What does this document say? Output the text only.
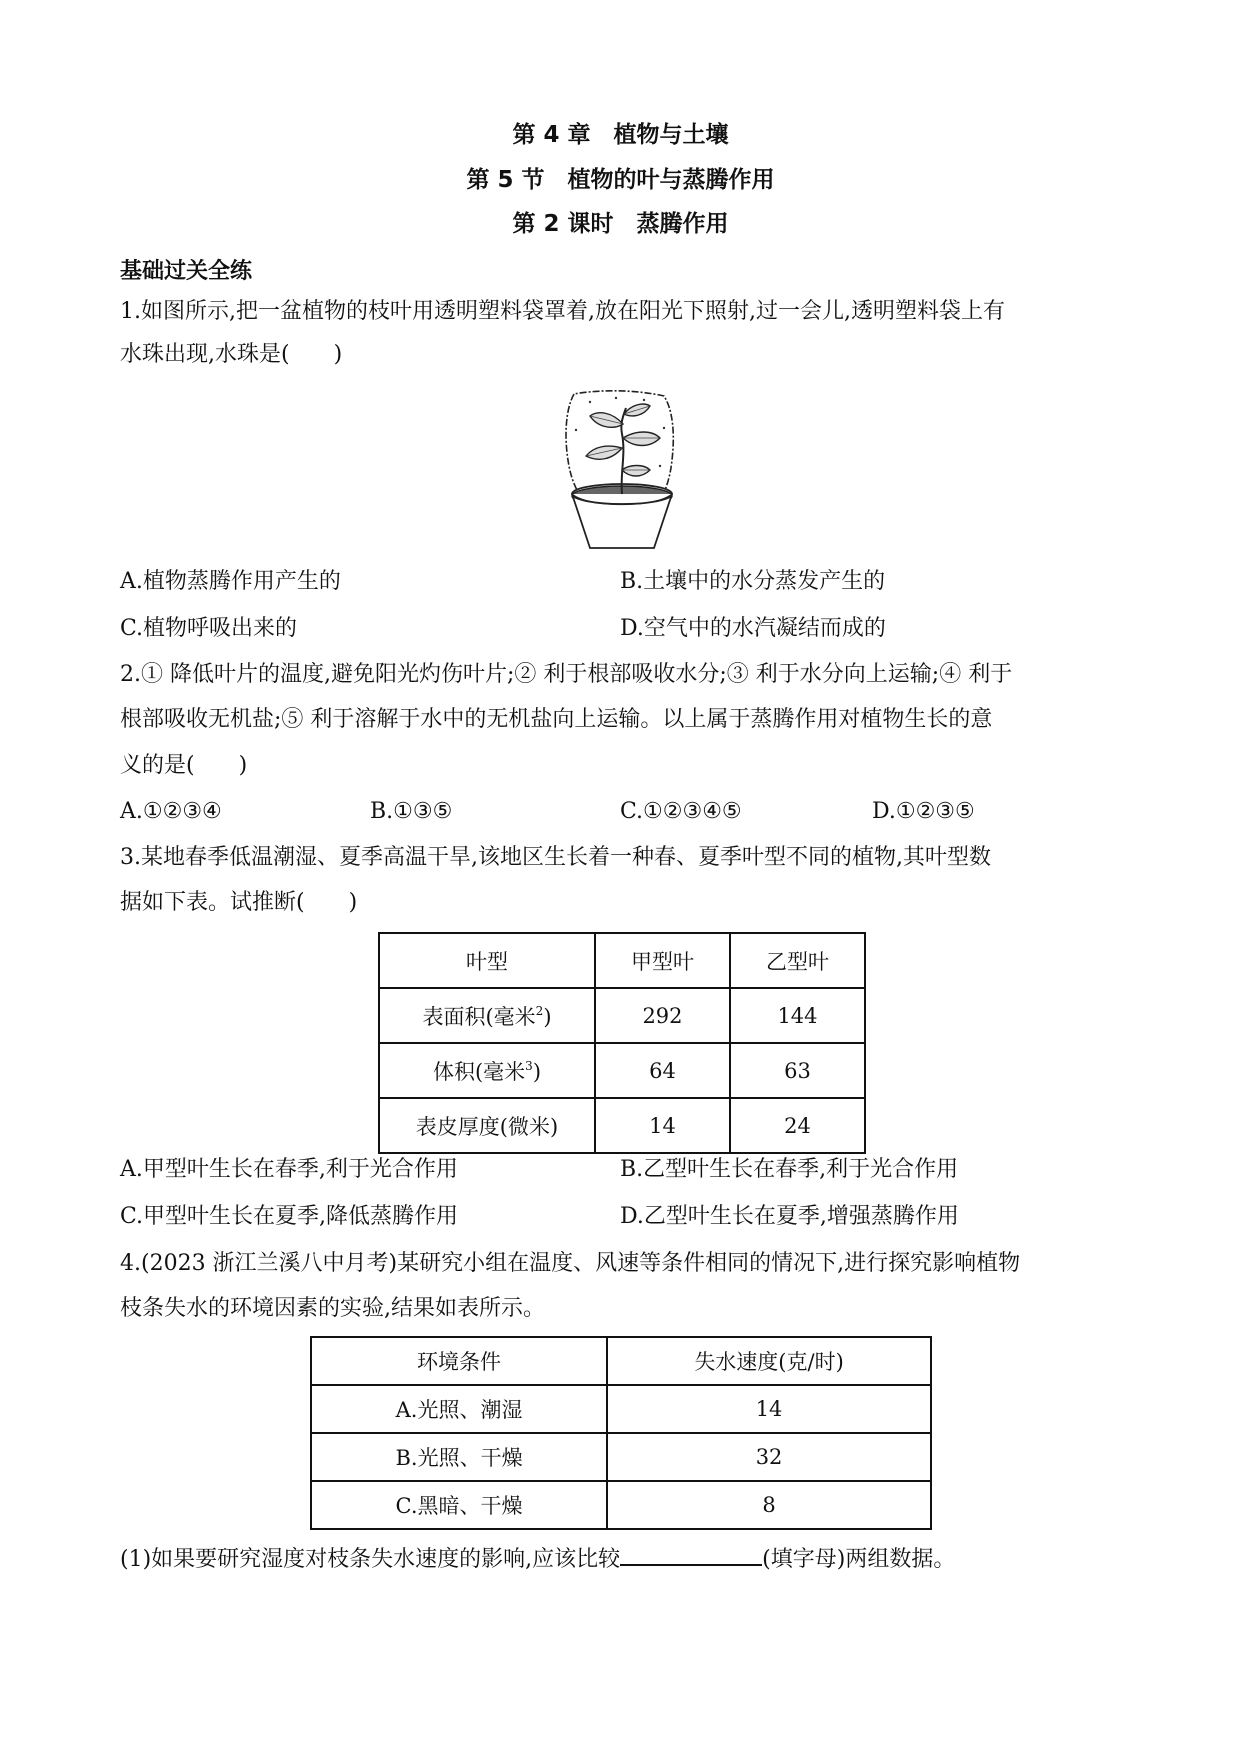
第 4 章　植物与土壤
第 5 节　植物的叶与蒸腾作用
第 2 课时　蒸腾作用
基础过关全练
1.如图所示,把一盆植物的枝叶用透明塑料袋罩着,放在阳光下照射,过一会儿,透明塑料袋上有
水珠出现,水珠是(　　)
A.植物蒸腾作用产生的	B.土壤中的水分蒸发产生的
C.植物呼吸出来的	D.空气中的水汽凝结而成的
2.① 降低叶片的温度,避免阳光灼伤叶片;② 利于根部吸收水分;③ 利于水分向上运输;④ 利于
根部吸收无机盐;⑤ 利于溶解于水中的无机盐向上运输。以上属于蒸腾作用对植物生长的意
义的是(　　)
A.①②③④	B.①③⑤	C.①②③④⑤	D.①②③⑤
3.某地春季低温潮湿、夏季高温干旱,该地区生长着一种春、夏季叶型不同的植物,其叶型数
据如下表。试推断(　　)
叶型	甲型叶	乙型叶
表面积(毫米$^2$)	292	144
体积(毫米$^3$)	64	63
表皮厚度(微米)	14	24
A.甲型叶生长在春季,利于光合作用	B.乙型叶生长在春季,利于光合作用
C.甲型叶生长在夏季,降低蒸腾作用	D.乙型叶生长在夏季,增强蒸腾作用
4.(2023 浙江兰溪八中月考)某研究小组在温度、风速等条件相同的情况下,进行探究影响植物
枝条失水的环境因素的实验,结果如表所示。
环境条件	失水速度(克/时)
A.光照、潮湿	14
B.光照、干燥	32
C.黑暗、干燥	8
(1)如果要研究湿度对枝条失水速度的影响,应该比较	(填字母)两组数据。
